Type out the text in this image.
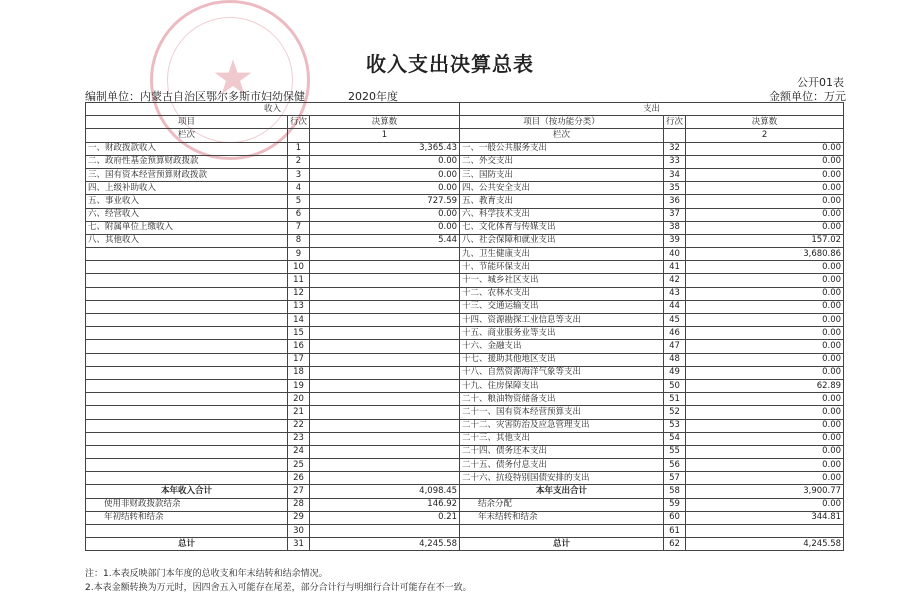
★	收入支出决算总表
公开01表
编制单位：内蒙古自治区鄂尔多斯市妇幼保健	2020年度	金额单位：万元
收入			支出		
项目	行次	决算数	项目（按功能分类）	行次	决算数
栏次		1	栏次		2
一、财政拨款收入	1	3,365.43	一、一般公共服务支出	32	0.00
二、政府性基金预算财政拨款	2	0.00	二、外交支出	33	0.00
三、国有资本经营预算财政拨款	3	0.00	三、国防支出	34	0.00
四、上级补助收入	4	0.00	四、公共安全支出	35	0.00
五、事业收入	5	727.59	五、教育支出	36	0.00
六、经营收入	6	0.00	六、科学技术支出	37	0.00
七、附属单位上缴收入	7	0.00	七、文化体育与传媒支出	38	0.00
八、其他收入	8	5.44	八、社会保障和就业支出	39	157.02
	9		九、卫生健康支出	40	3,680.86
	10		十、节能环保支出	41	0.00
	11		十一、城乡社区支出	42	0.00
	12		十二、农林水支出	43	0.00
	13		十三、交通运输支出	44	0.00
	14		十四、资源勘探工业信息等支出	45	0.00
	15		十五、商业服务业等支出	46	0.00
	16		十六、金融支出	47	0.00
	17		十七、援助其他地区支出	48	0.00
	18		十八、自然资源海洋气象等支出	49	0.00
	19		十九、住房保障支出	50	62.89
	20		二十、粮油物资储备支出	51	0.00
	21		二十一、国有资本经营预算支出	52	0.00
	22		二十二、灾害防治及应急管理支出	53	0.00
	23		二十三、其他支出	54	0.00
	24		二十四、债务还本支出	55	0.00
	25		二十五、债务付息支出	56	0.00
	26		二十六、抗疫特别国债安排的支出	57	0.00
本年收入合计	27	4,098.45	本年支出合计	58	3,900.77
使用非财政拨款结余	28	146.92	结余分配	59	0.00
年初结转和结余	29	0.21	年末结转和结余	60	344.81
	30			61	
总计	31	4,245.58	总计	62	4,245.58
注：1.本表反映部门本年度的总收支和年末结转和结余情况。
2.本表金额转换为万元时，因四舍五入可能存在尾差，部分合计行与明细行合计可能存在不一致。
